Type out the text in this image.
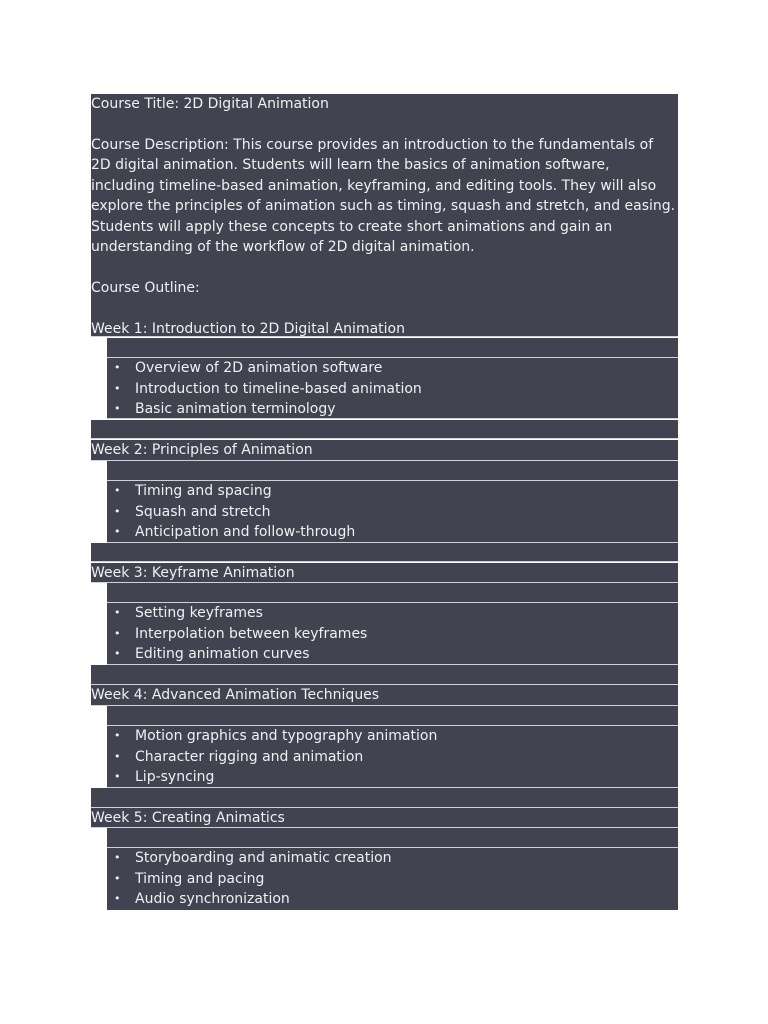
Course Title: 2D Digital Animation
Course Description: This course provides an introduction to the fundamentals of 2D digital animation. Students will learn the basics of animation software, including timeline-based animation, keyframing, and editing tools. They will also explore the principles of animation such as timing, squash and stretch, and easing. Students will apply these concepts to create short animations and gain an understanding of the workflow of 2D digital animation.
Course Outline:
Week 1: Introduction to 2D Digital Animation
• Overview of 2D animation software
• Introduction to timeline-based animation
• Basic animation terminology
Week 2: Principles of Animation
• Timing and spacing
• Squash and stretch
• Anticipation and follow-through
Week 3: Keyframe Animation
• Setting keyframes
• Interpolation between keyframes
• Editing animation curves
Week 4: Advanced Animation Techniques
• Motion graphics and typography animation
• Character rigging and animation
• Lip-syncing
Week 5: Creating Animatics
• Storyboarding and animatic creation
• Timing and pacing
• Audio synchronization
